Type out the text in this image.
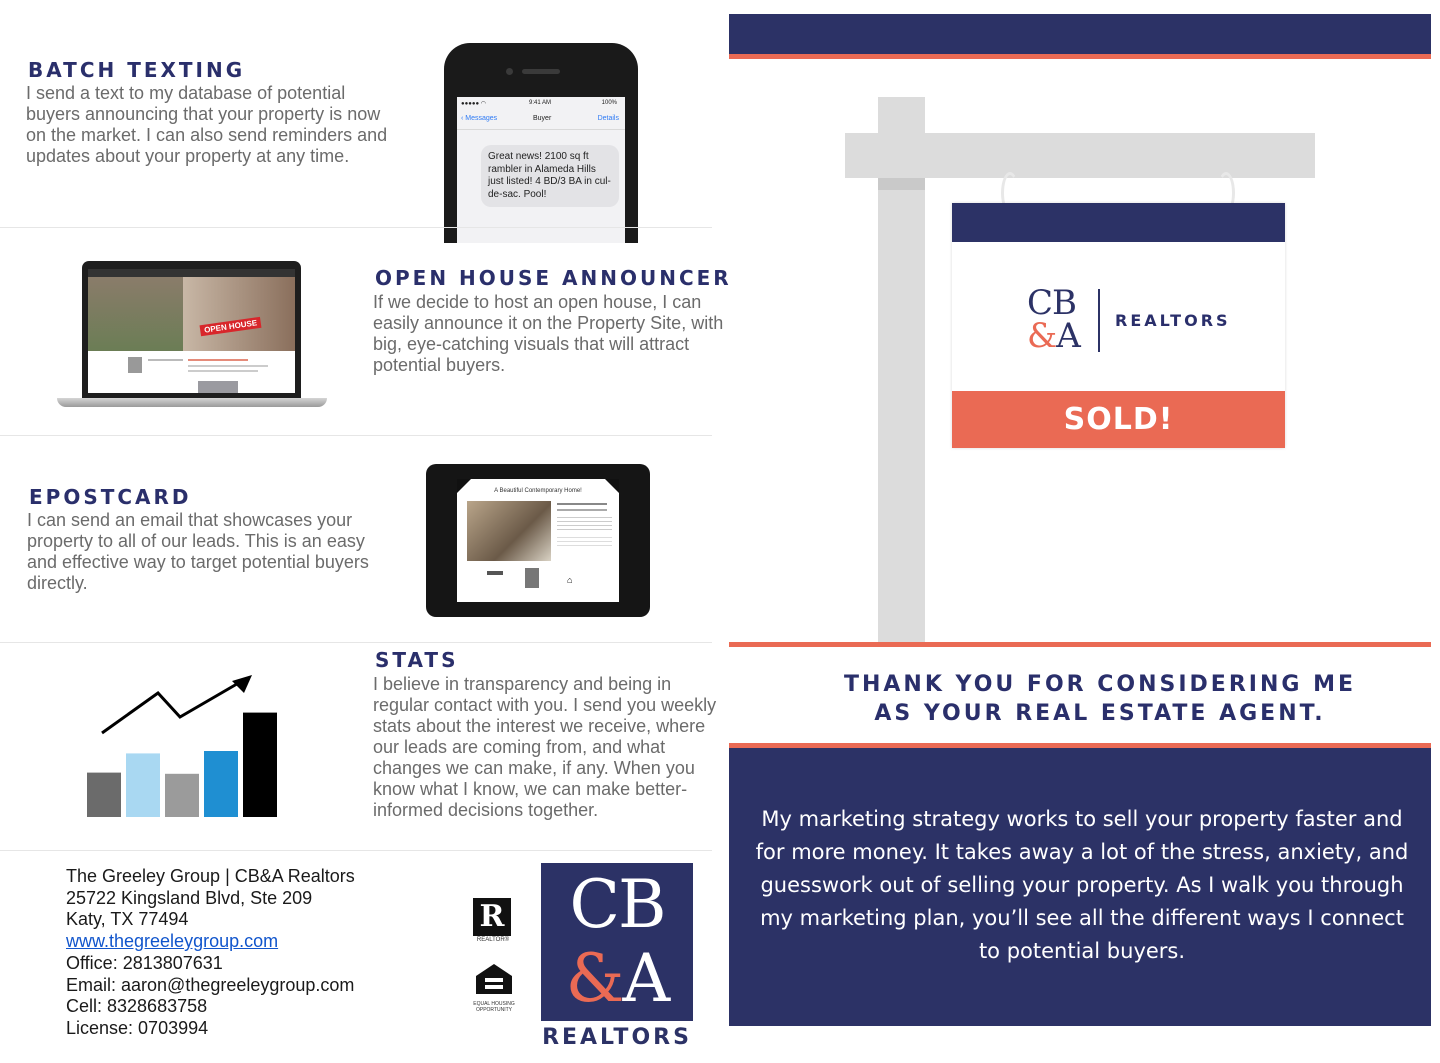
BATCH TEXTING
I send a text to my database of potential buyers announcing that your property is now on the market. I can also send reminders and updates about your property at any time.
●●●●● ◠	9:41 AM	100%
‹ Messages	Buyer	Details
Great news! 2100 sq ft rambler in Alameda Hills just listed! 4 BD/3 BA in cul-de-sac. Pool!
OPEN HOUSE
OPEN HOUSE ANNOUNCER
If we decide to host an open house, I can easily announce it on the Property Site, with big, eye-catching visuals that will attract potential buyers.
EPOSTCARD
I can send an email that showcases your property to all of our leads. This is an easy and effective way to target potential buyers directly.
A Beautiful Contemporary Home!
⌂
STATS
I believe in transparency and being in regular contact with you. I send you weekly stats about the interest we receive, where our leads are coming from, and what changes we can make, if any. When you know what I know, we can make better-informed decisions together.
The Greeley Group | CB&A Realtors
25722 Kingsland Blvd, Ste 209
Katy, TX 77494
www.thegreeleygroup.com
Office: 2813807631
Email: aaron@thegreeleygroup.com
Cell: 8328683758
License: 0703994
R
REALTOR®
EQUAL HOUSING OPPORTUNITY
CB
&A
REALTORS
CB
&A REALTORS
SOLD!
THANK YOU FOR CONSIDERING ME
AS YOUR REAL ESTATE AGENT.
My marketing strategy works to sell your property faster and for more money. It takes away a lot of the stress, anxiety, and guesswork out of selling your property. As I walk you through my marketing plan, you’ll see all the different ways I connect to potential buyers.
